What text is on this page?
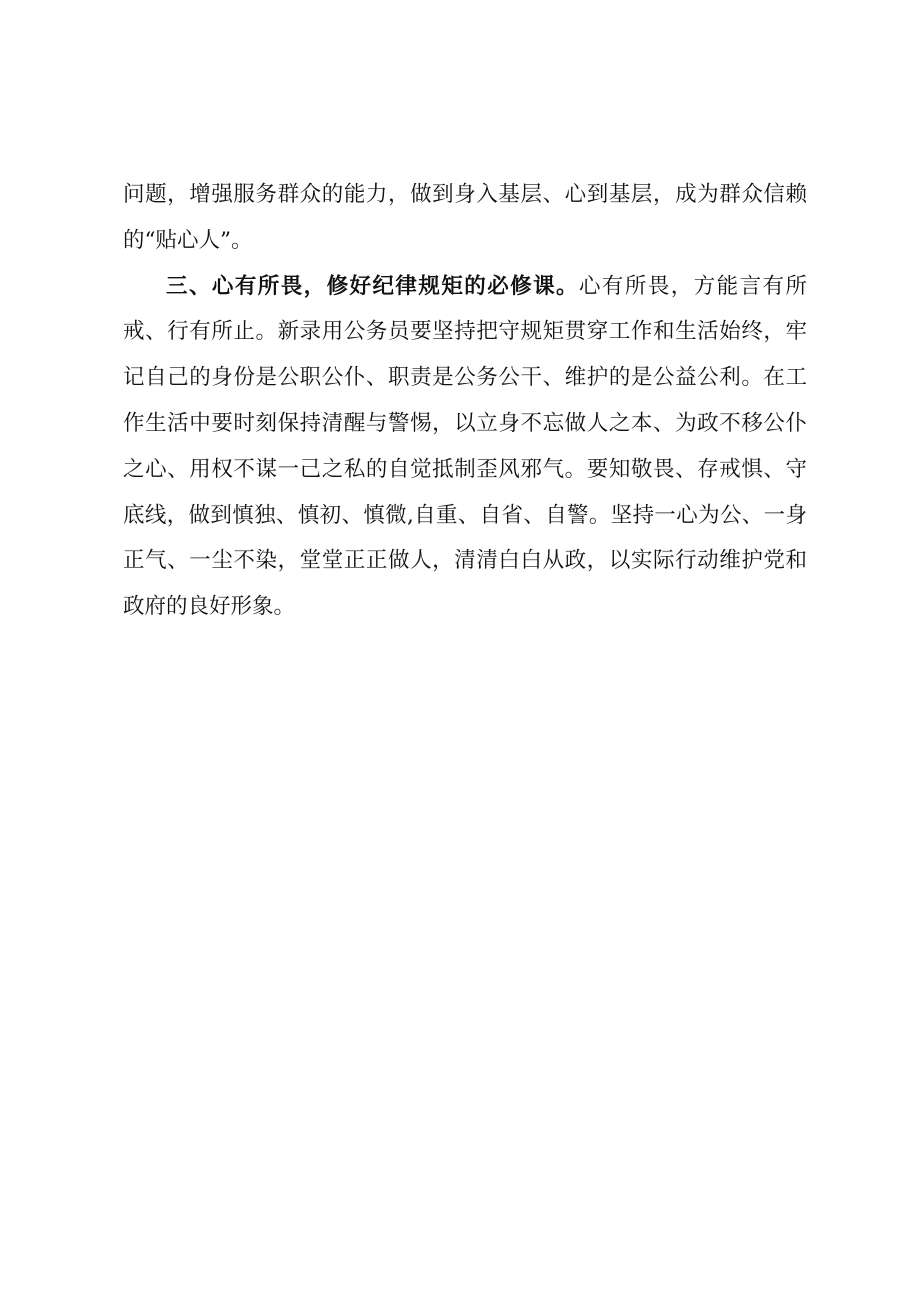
问题，增强服务群众的能力，做到身入基层、心到基层，成为群众信赖的“贴心人”。

三、心有所畏，修好纪律规矩的必修课。心有所畏，方能言有所戒、行有所止。新录用公务员要坚持把守规矩贯穿工作和生活始终，牢记自己的身份是公职公仆、职责是公务公干、维护的是公益公利。在工作生活中要时刻保持清醒与警惕，以立身不忘做人之本、为政不移公仆之心、用权不谋一己之私的自觉抵制歪风邪气。要知敬畏、存戒惧、守底线，做到慎独、慎初、慎微,自重、自省、自警。坚持一心为公、一身正气、一尘不染，堂堂正正做人，清清白白从政，以实际行动维护党和政府的良好形象。
